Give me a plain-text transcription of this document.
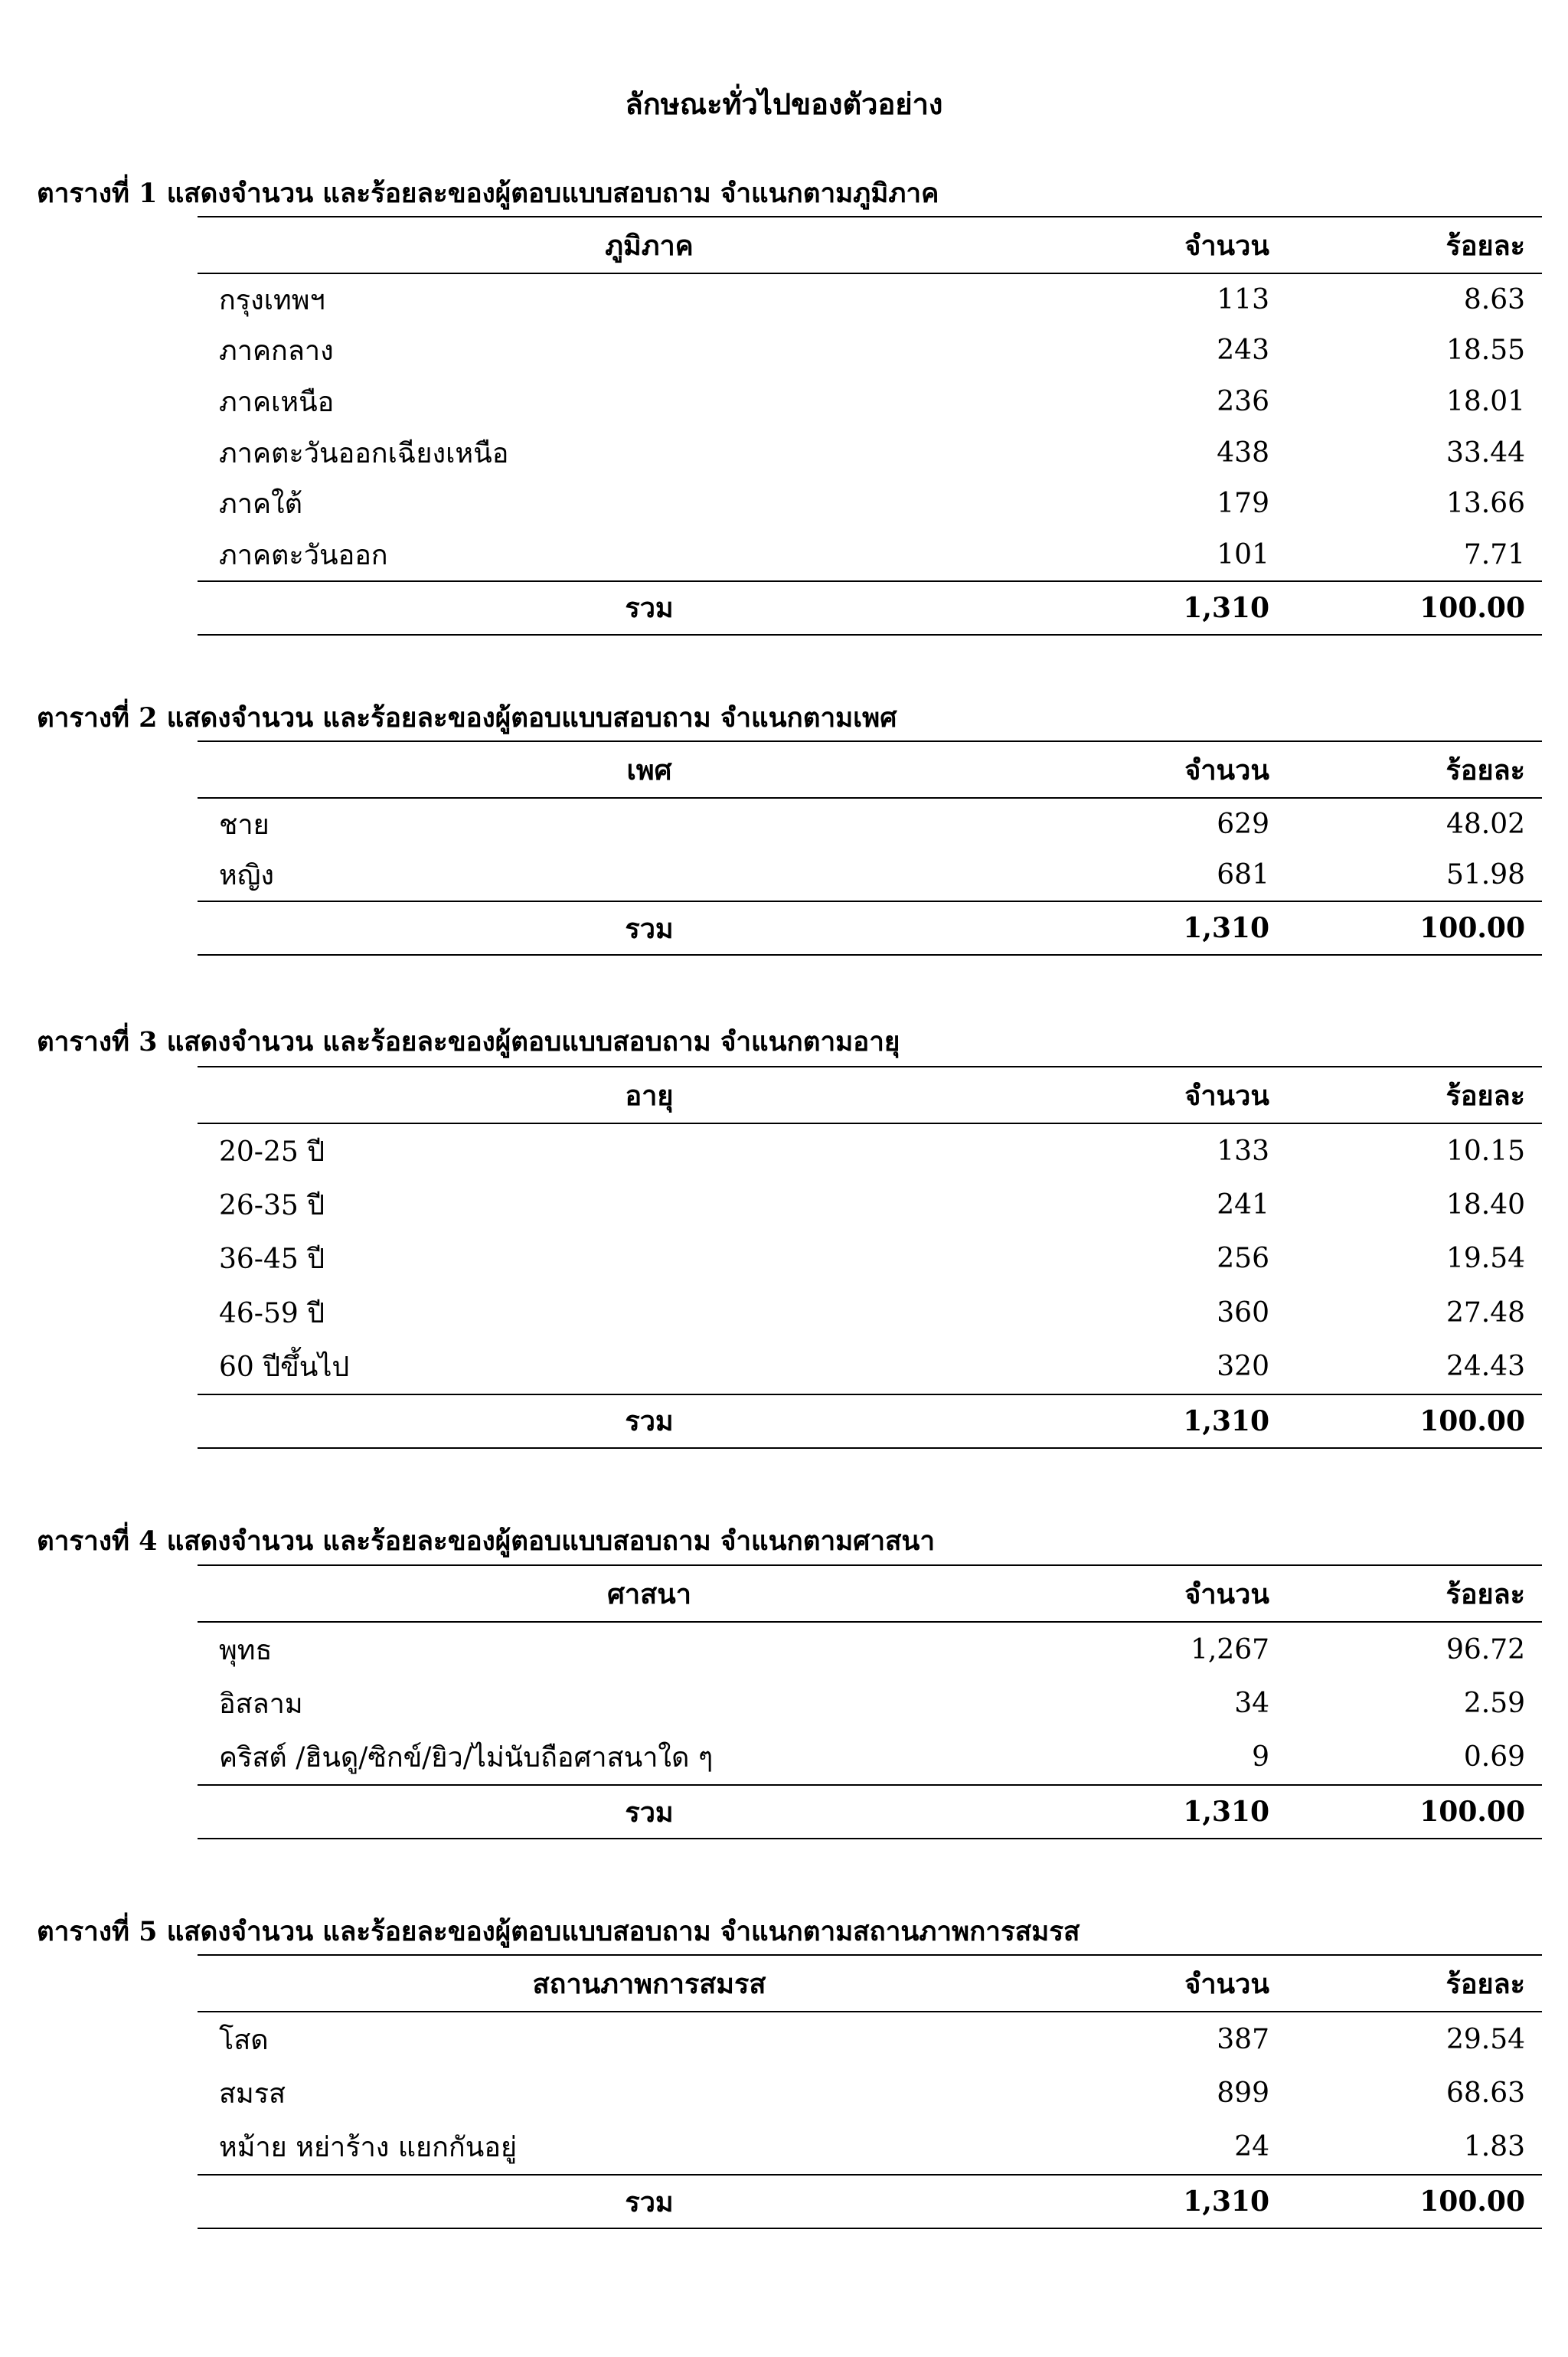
ลักษณะทั่วไปของตัวอย่าง
ตารางที่ 1 แสดงจำนวน และร้อยละของผู้ตอบแบบสอบถาม จำแนกตามภูมิภาค
ภูมิภาค	จำนวน	ร้อยละ
กรุงเทพฯ	113	8.63
ภาคกลาง	243	18.55
ภาคเหนือ	236	18.01
ภาคตะวันออกเฉียงเหนือ	438	33.44
ภาคใต้	179	13.66
ภาคตะวันออก	101	7.71
รวม	1,310	100.00
ตารางที่ 2 แสดงจำนวน และร้อยละของผู้ตอบแบบสอบถาม จำแนกตามเพศ
เพศ	จำนวน	ร้อยละ
ชาย	629	48.02
หญิง	681	51.98
รวม	1,310	100.00
ตารางที่ 3 แสดงจำนวน และร้อยละของผู้ตอบแบบสอบถาม จำแนกตามอายุ
อายุ	จำนวน	ร้อยละ
20-25 ปี	133	10.15
26-35 ปี	241	18.40
36-45 ปี	256	19.54
46-59 ปี	360	27.48
60 ปีขึ้นไป	320	24.43
รวม	1,310	100.00
ตารางที่ 4 แสดงจำนวน และร้อยละของผู้ตอบแบบสอบถาม จำแนกตามศาสนา
ศาสนา	จำนวน	ร้อยละ
พุทธ	1,267	96.72
อิสลาม	34	2.59
คริสต์ /ฮินดู/ซิกข์/ยิว/ไม่นับถือศาสนาใด ๆ	9	0.69
รวม	1,310	100.00
ตารางที่ 5 แสดงจำนวน และร้อยละของผู้ตอบแบบสอบถาม จำแนกตามสถานภาพการสมรส
สถานภาพการสมรส	จำนวน	ร้อยละ
โสด	387	29.54
สมรส	899	68.63
หม้าย หย่าร้าง แยกกันอยู่	24	1.83
รวม	1,310	100.00
